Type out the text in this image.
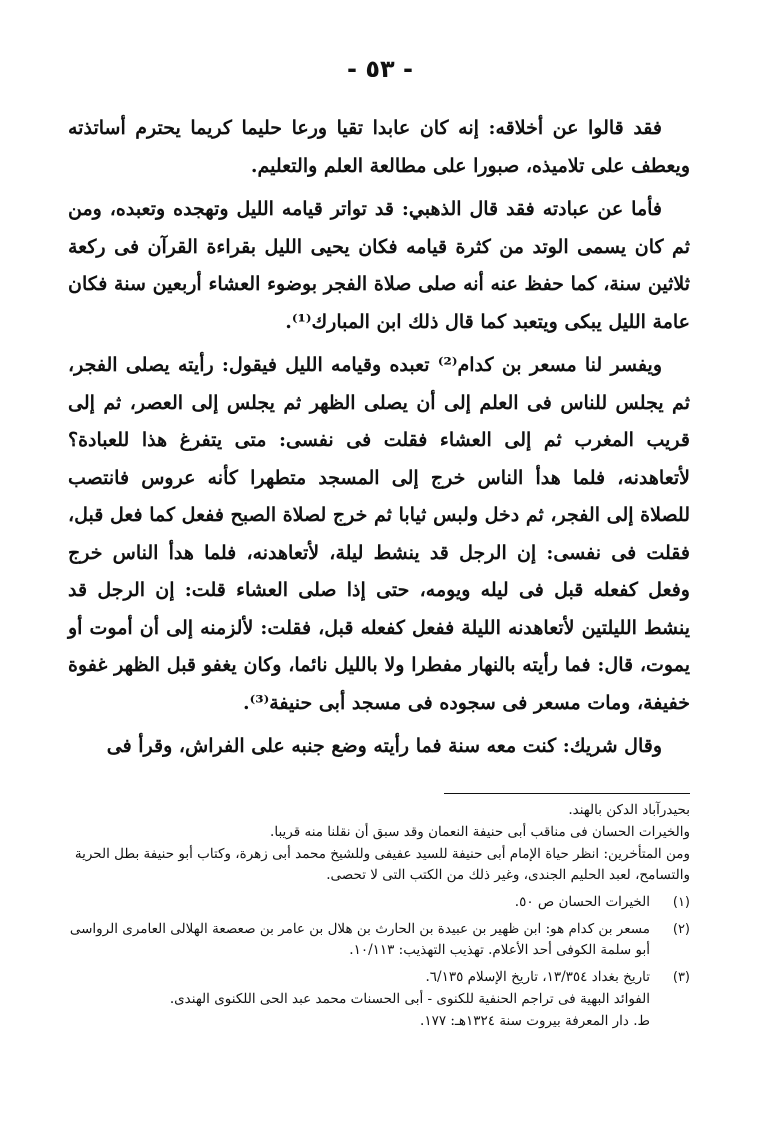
- ٥٣ -

فقد قالوا عن أخلاقه: إنه كان عابدا تقيا ورعا حليما كريما يحترم أساتذته ويعطف على تلاميذه، صبورا على مطالعة العلم والتعليم.

فأما عن عبادته فقد قال الذهبي: قد تواتر قيامه الليل وتهجده وتعبده، ومن ثم كان يسمى الوتد من كثرة قيامه فكان يحيى الليل بقراءة القرآن فى ركعة ثلاثين سنة، كما حفظ عنه أنه صلى صلاة الفجر بوضوء العشاء أربعين سنة فكان عامة الليل يبكى ويتعبد كما قال ذلك ابن المبارك⁽¹⁾.

ويفسر لنا مسعر بن كدام⁽²⁾ تعبده وقيامه الليل فيقول: رأيته يصلى الفجر، ثم يجلس للناس فى العلم إلى أن يصلى الظهر ثم يجلس إلى العصر، ثم إلى قريب المغرب ثم إلى العشاء فقلت فى نفسى: متى يتفرغ هذا للعبادة؟ لأتعاهدنه، فلما هدأ الناس خرج إلى المسجد متطهرا كأنه عروس فانتصب للصلاة إلى الفجر، ثم دخل ولبس ثيابا ثم خرج لصلاة الصبح ففعل كما فعل قبل، فقلت فى نفسى: إن الرجل قد ينشط ليلة، لأتعاهدنه، فلما هدأ الناس خرج وفعل كفعله قبل فى ليله ويومه، حتى إذا صلى العشاء قلت: إن الرجل قد ينشط الليلتين لأتعاهدنه الليلة ففعل كفعله قبل، فقلت: لألزمنه إلى أن أموت أو يموت، قال: فما رأيته بالنهار مفطرا ولا بالليل نائما، وكان يغفو قبل الظهر غفوة خفيفة، ومات مسعر فى سجوده فى مسجد أبى حنيفة⁽³⁾.

وقال شريك: كنت معه سنة فما رأيته وضع جنبه على الفراش، وقرأ فى

بحيدرآباد الدكن بالهند.
والخيرات الحسان فى مناقب أبى حنيفة النعمان وقد سبق أن نقلنا منه قريبا.
ومن المتأخرين: انظر حياة الإمام أبى حنيفة للسيد عفيفى وللشيخ محمد أبى زهرة، وكتاب أبو حنيفة بطل الحرية والتسامح، لعبد الحليم الجندى، وغير ذلك من الكتب التى لا تحصى.
(١)
الخيرات الحسان ص ٥٠.
(٢)
مسعر بن كدام هو: ابن ظهير بن عبيدة بن الحارث بن هلال بن عامر بن صعصعة الهلالى العامرى الرواسى أبو سلمة الكوفى أحد الأعلام. تهذيب التهذيب: ١٠/١١٣.
(٣)
تاريخ بغداد ١٣/٣٥٤، تاريخ الإسلام ٦/١٣٥.
الفوائد البهية فى تراجم الحنفية للكنوى - أبى الحسنات محمد عبد الحى اللكنوى الهندى.
ط. دار المعرفة بيروت سنة ١٣٢٤هـ: ١٧٧.
